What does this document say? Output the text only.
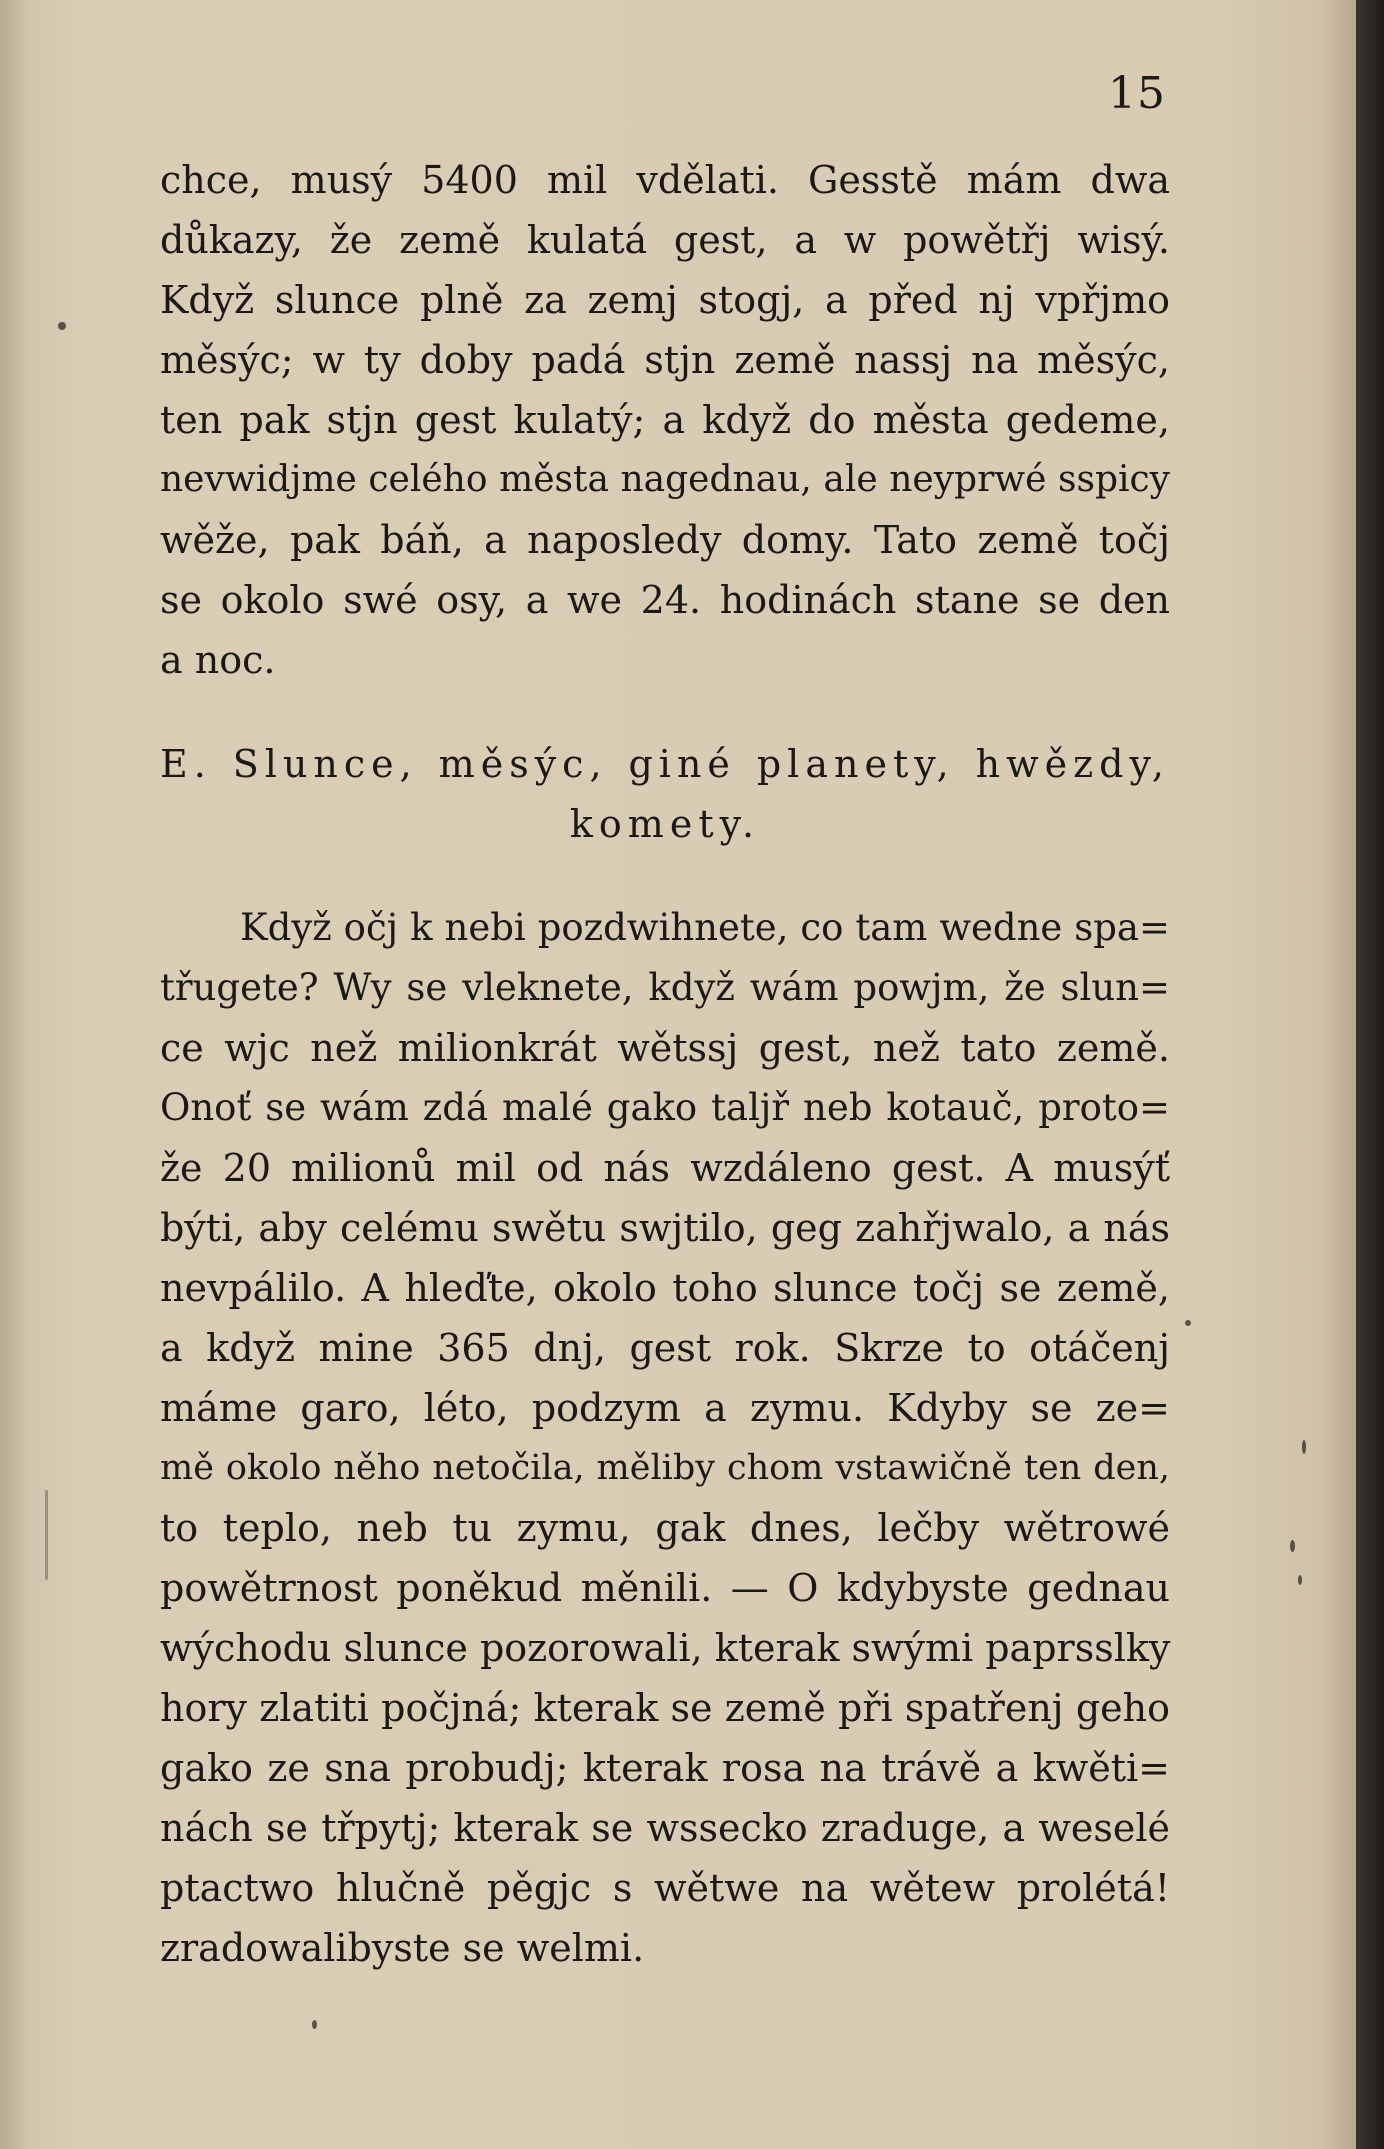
15
chce, musý 5400 mil vdělati. Gesstě mám dwa
důkazy, že země kulatá gest, a w powětřj wisý.
Když slunce plně za zemj stogj, a před nj vpřjmo
měsýc; w ty doby padá stjn země nassj na měsýc,
ten pak stjn gest kulatý; a když do města gedeme,
nevwidjme celého města nagednau, ale neyprwé sspicy
wěže, pak báň, a naposledy domy. Tato země točj
se okolo swé osy, a we 24. hodinách stane se den
a noc.
E. Slunce, měsýc, giné planety, hwězdy,
komety.
Když očj k nebi pozdwihnete, co tam wedne spa=
třugete? Wy se vleknete, když wám powjm, že slun=
ce wjc než milionkrát wětssj gest, než tato země.
Onoť se wám zdá malé gako taljř neb kotauč, proto=
že 20 milionů mil od nás wzdáleno gest. A musýť
býti, aby celému swětu swjtilo, geg zahřjwalo, a nás
nevpálilo. A hleďte, okolo toho slunce točj se země,
a když mine 365 dnj, gest rok. Skrze to otáčenj
máme garo, léto, podzym a zymu. Kdyby se ze=
mě okolo něho netočila, měliby chom vstawičně ten den,
to teplo, neb tu zymu, gak dnes, lečby wětrowé
powětrnost poněkud měnili. — O kdybyste gednau
wýchodu slunce pozorowali, kterak swými paprsslky
hory zlatiti počjná; kterak se země při spatřenj geho
gako ze sna probudj; kterak rosa na trávě a kwěti=
nách se třpytj; kterak se wssecko zraduge, a weselé
ptactwo hlučně pěgjc s wětwe na wětew prolétá!
zradowalibyste se welmi.
